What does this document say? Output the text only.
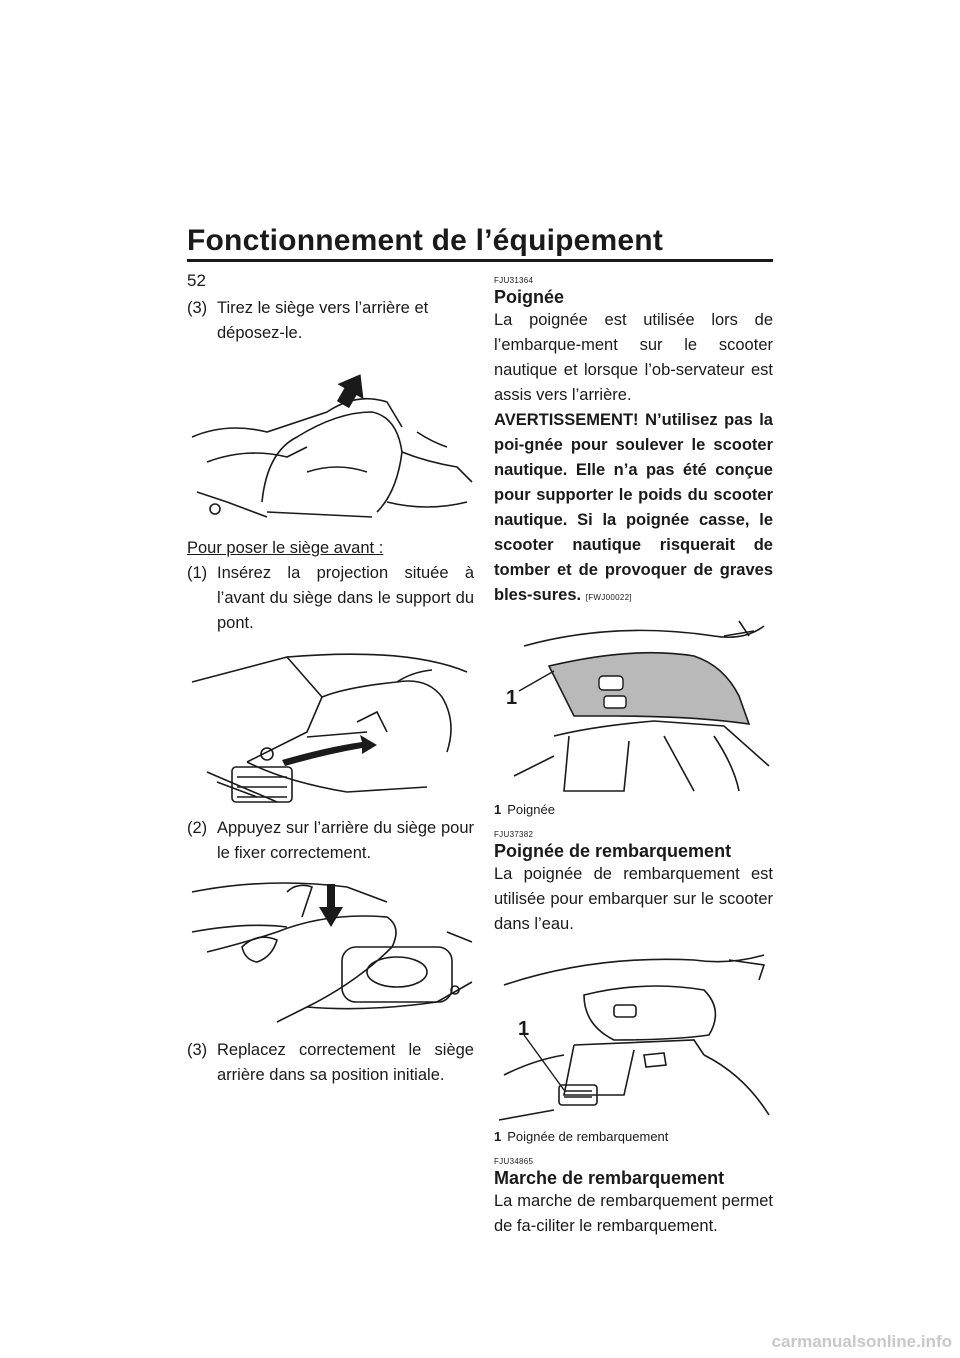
Fonctionnement de l’équipement
52
(3) Tirez le siège vers l’arrière et déposez-le.
Pour poser le siège avant :
(1) Insérez la projection située à l’avant du siège dans le support du pont.
(2) Appuyez sur l’arrière du siège pour le fixer correctement.
(3) Replacez correctement le siège arrière dans sa position initiale.
FJU31364
Poignée

La poignée est utilisée lors de l’embarque-ment sur le scooter nautique et lorsque l’ob-servateur est assis vers l’arrière.

AVERTISSEMENT! N’utilisez pas la poi-gnée pour soulever le scooter nautique. Elle n’a pas été conçue pour supporter le poids du scooter nautique. Si la poignée casse, le scooter nautique risquerait de tomber et de provoquer de graves bles-sures. [FWJ00022]

1
1 Poignée
FJU37382
Poignée de rembarquement

La poignée de rembarquement est utilisée pour embarquer sur le scooter dans l’eau.

1
1 Poignée de rembarquement
FJU34865
Marche de rembarquement

La marche de rembarquement permet de fa-ciliter le rembarquement.

carmanualsonline.info
